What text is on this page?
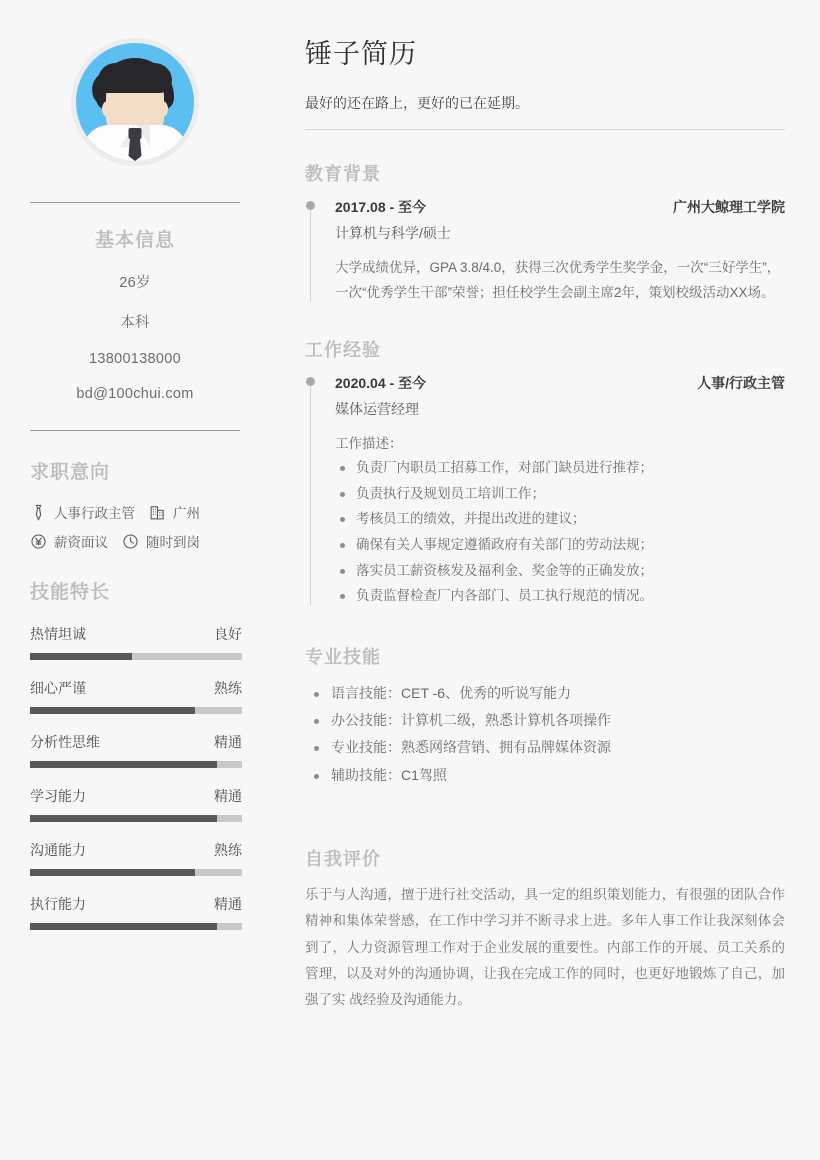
基本信息
26岁
本科
13800138000
bd@100chui.com
求职意向
人事行政主管	广州
薪资面议	随时到岗
技能特长
热情坦诚	良好
细心严谨	熟练
分析性思维	精通
学习能力	精通
沟通能力	熟练
执行能力	精通
锤子简历
最好的还在路上，更好的已在延期。
教育背景
2017.08 - 至今	广州大鲸理工学院
计算机与科学/硕士
大学成绩优异，GPA 3.8/4.0，获得三次优秀学生奖学金，一次“三好学生”，一次“优秀学生干部”荣誉；担任校学生会副主席2年，策划校级活动XX场。
工作经验
2020.04 - 至今	人事/行政主管
媒体运营经理
工作描述：
负责厂内职员工招募工作，对部门缺员进行推荐；
负责执行及规划员工培训工作；
考核员工的绩效，并提出改进的建议；
确保有关人事规定遵循政府有关部门的劳动法规；
落实员工薪资核发及福利金、奖金等的正确发放；
负责监督检查厂内各部门、员工执行规范的情况。
专业技能
语言技能：CET -6、优秀的听说写能力
办公技能：计算机二级，熟悉计算机各项操作
专业技能：熟悉网络营销、拥有品牌媒体资源
辅助技能：C1驾照
自我评价

乐于与人沟通，擅于进行社交活动，具一定的组织策划能力，有很强的团队合作精神和集体荣誉感，在工作中学习并不断寻求上进。多年人事工作让我深刻体会到了，人力资源管理工作对于企业发展的重要性。内部工作的开展、员工关系的管理，以及对外的沟通协调，让我在完成工作的同时，也更好地锻炼了自己，加强了实 战经验及沟通能力。
